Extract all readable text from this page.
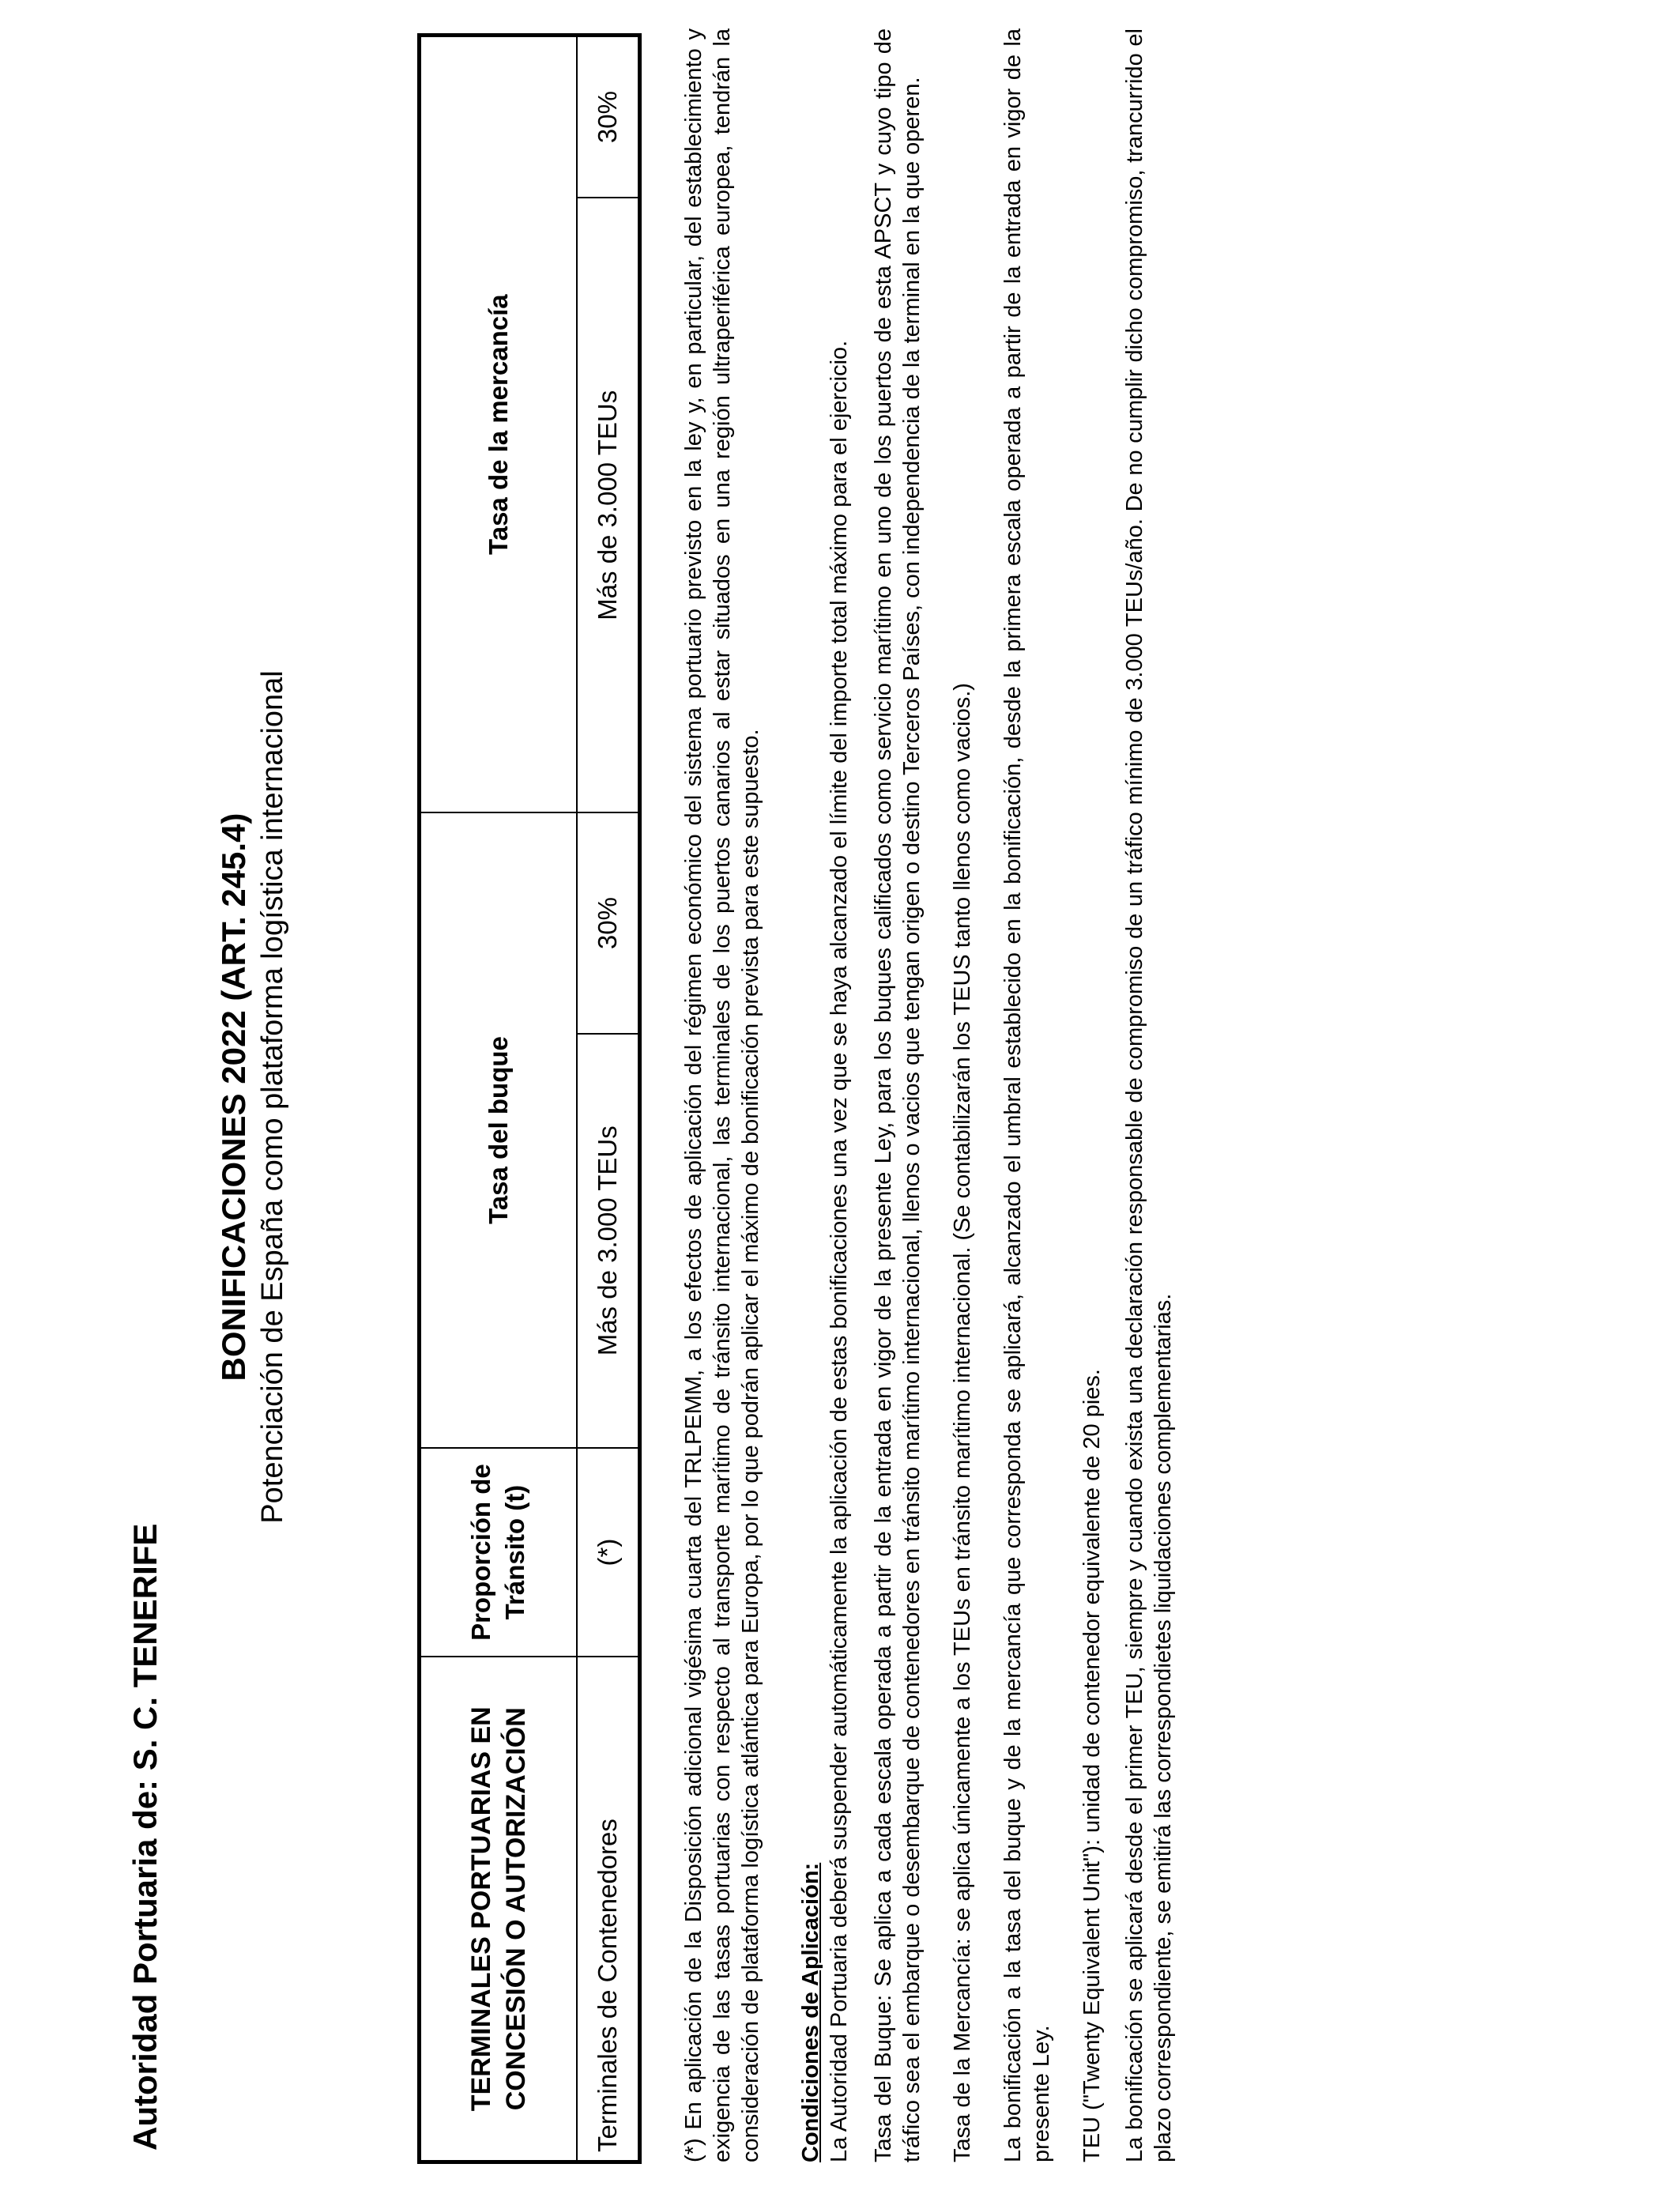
Autoridad Portuaria de: S. C. TENERIFE
BONIFICACIONES 2022 (ART. 245.4) Potenciación de España como plataforma logística internacional
TERMINALES PORTUARIAS EN CONCESIÓN O AUTORIZACIÓN	Proporción de Tránsito (t)	Tasa del buque		Tasa de la mercancía	
Terminales de Contenedores	(*)	Más de 3.000 TEUs	30%	Más de 3.000 TEUs	30%	(*) En aplicación de la Disposición adicional vigésima cuarta del TRLPEMM, a los efectos de aplicación del régimen económico del sistema portuario previsto en la ley y, en particular, del establecimiento y exigencia de las tasas portuarias con respecto al transporte marítimo de tránsito internacional, las terminales de los puertos canarios al estar situados en una región ultraperiférica europea, tendrán la consideración de plataforma logística atlántica para Europa, por lo que podrán aplicar el máximo de bonificación prevista para este supuesto. Condiciones de Aplicación: La Autoridad Portuaria deberá suspender automáticamente la aplicación de estas bonificaciones una vez que se haya alcanzado el límite del importe total máximo para el ejercicio. Tasa del Buque: Se aplica a cada escala operada a partir de la entrada en vigor de la presente Ley, para los buques calificados como servicio marítimo en uno de los puertos de esta APSCT y cuyo tipo de tráfico sea el embarque o desembarque de contenedores en tránsito marítimo internacional, llenos o vacios que tengan origen o destino Terceros Países, con independencia de la terminal en la que operen. Tasa de la Mercancía: se aplica únicamente a los TEUs en tránsito marítimo internacional. (Se contabilizarán los TEUS tanto llenos como vacios.) La bonificación a la tasa del buque y de la mercancía que corresponda se aplicará, alcanzado el umbral establecido en la bonificación, desde la primera escala operada a partir de la entrada en vigor de la presente Ley. TEU ("Twenty Equivalent Unit"): unidad de contenedor equivalente de 20 pies. La bonificación se aplicará desde el primer TEU, siempre y cuando exista una declaración responsable de compromiso de un tráfico mínimo de 3.000 TEUs/año. De no cumplir dicho compromiso, trancurrido el plazo correspondiente, se emitirá las correspondietes liquidaciones complementarias.
